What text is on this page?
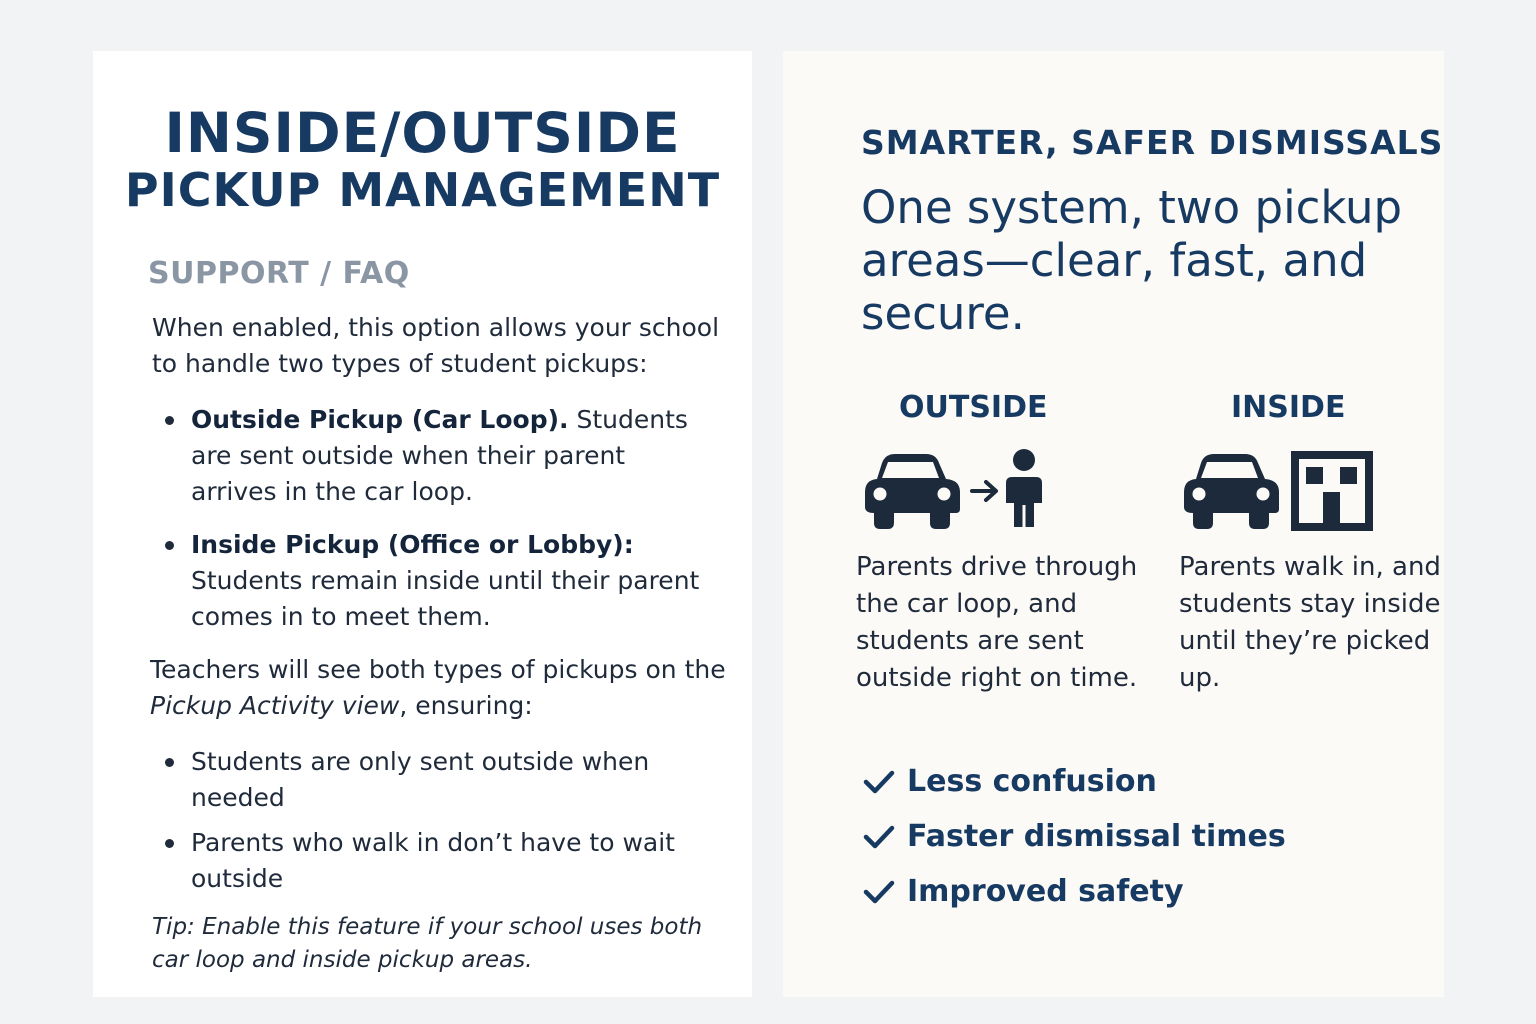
INSIDE/OUTSIDE
PICKUP MANAGEMENT
SUPPORT / FAQ

When enabled, this option allows your school to handle two types of student pickups:

Outside Pickup (Car Loop). Students are sent outside when their parent arrives in the car loop.
Inside Pickup (Office or Lobby): Students remain inside until their parent comes in to meet them.

Teachers will see both types of pickups on the Pickup Activity view, ensuring:

Students are only sent outside when needed
Parents who walk in don’t have to wait outside
Tip: Enable this feature if your school uses both car loop and inside pickup areas.
SMARTER, SAFER DISMISSALS
One system, two pickup areas—clear, fast, and secure.
OUTSIDE	INSIDE
Parents drive through the car loop, and students are sent outside right on time.
Parents walk in, and students stay inside until they’re picked up.
Less confusion
Faster dismissal times
Improved safety
